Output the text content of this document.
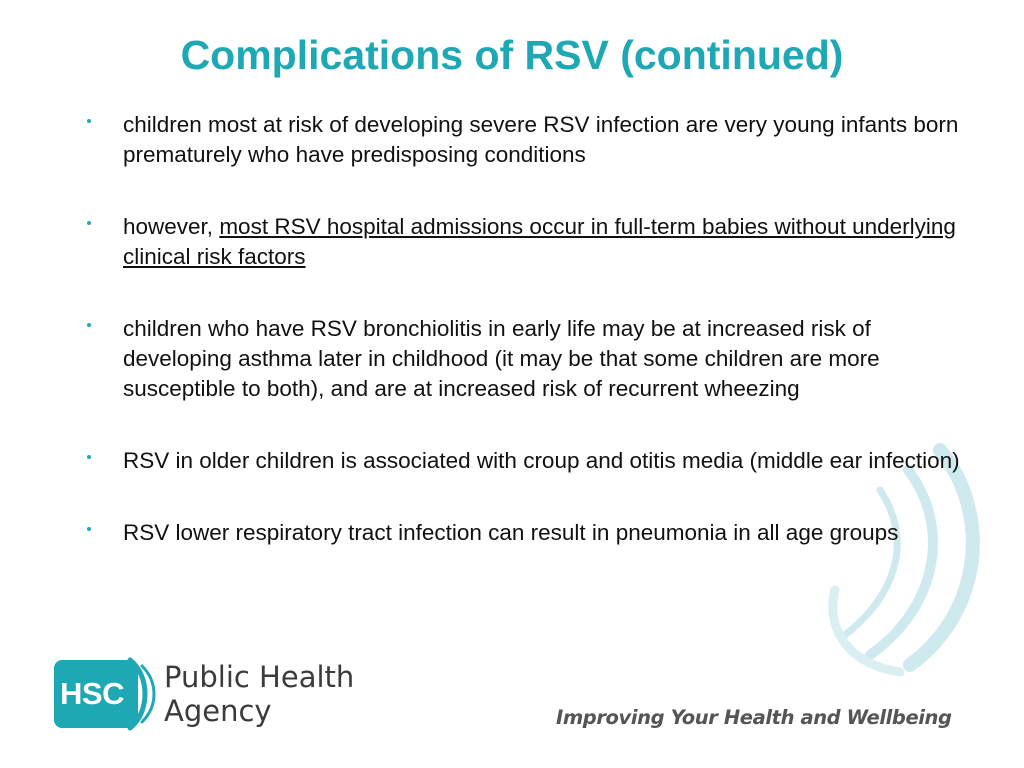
Complications of RSV (continued)
children most at risk of developing severe RSV infection are very young infants born prematurely who have predisposing conditions
however, most RSV hospital admissions occur in full-term babies without underlying clinical risk factors
children who have RSV bronchiolitis in early life may be at increased risk of developing asthma later in childhood (it may be that some children are more susceptible to both), and are at increased risk of recurrent wheezing
RSV in older children is associated with croup and otitis media (middle ear infection)
RSV lower respiratory tract infection can result in pneumonia in all age groups
HSC Public Health
Agency	Improving Your Health and Wellbeing
